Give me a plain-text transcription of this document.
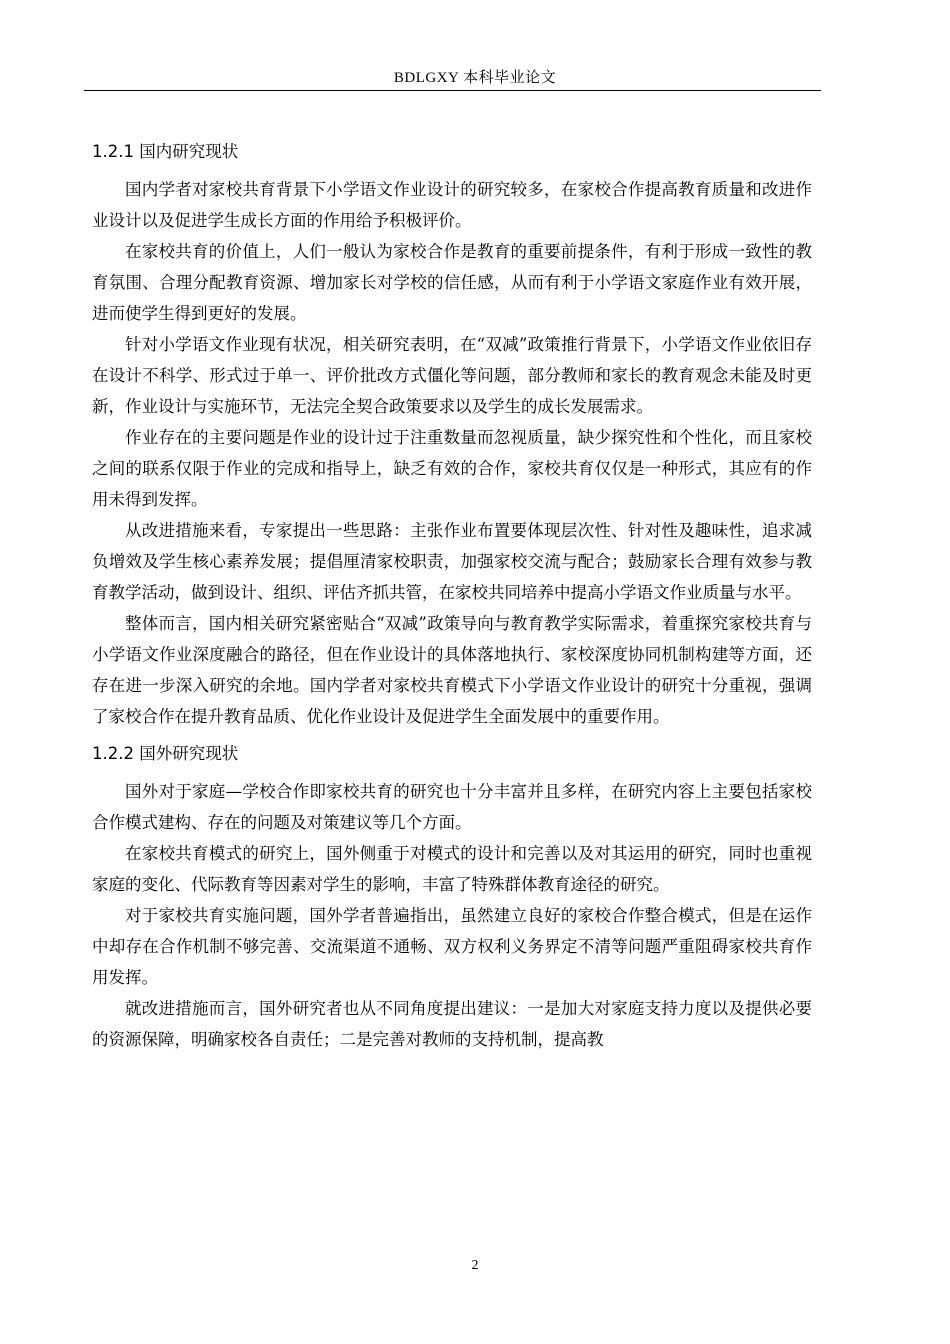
BDLGXY 本科毕业论文
1.2.1 国内研究现状

国内学者对家校共育背景下小学语文作业设计的研究较多，在家校合作提高教育质量和改进作业设计以及促进学生成长方面的作用给予积极评价。

在家校共育的价值上，人们一般认为家校合作是教育的重要前提条件，有利于形成一致性的教育氛围、合理分配教育资源、增加家长对学校的信任感，从而有利于小学语文家庭作业有效开展，进而使学生得到更好的发展。

针对小学语文作业现有状况，相关研究表明，在“双减”政策推行背景下，小学语文作业依旧存在设计不科学、形式过于单一、评价批改方式僵化等问题，部分教师和家长的教育观念未能及时更新，作业设计与实施环节，无法完全契合政策要求以及学生的成长发展需求。

作业存在的主要问题是作业的设计过于注重数量而忽视质量，缺少探究性和个性化，而且家校之间的联系仅限于作业的完成和指导上，缺乏有效的合作，家校共育仅仅是一种形式，其应有的作用未得到发挥。

从改进措施来看，专家提出一些思路：主张作业布置要体现层次性、针对性及趣味性，追求减负增效及学生核心素养发展；提倡厘清家校职责，加强家校交流与配合；鼓励家长合理有效参与教育教学活动，做到设计、组织、评估齐抓共管，在家校共同培养中提高小学语文作业质量与水平。

整体而言，国内相关研究紧密贴合“双减”政策导向与教育教学实际需求，着重探究家校共育与小学语文作业深度融合的路径，但在作业设计的具体落地执行、家校深度协同机制构建等方面，还存在进一步深入研究的余地。国内学者对家校共育模式下小学语文作业设计的研究十分重视，强调了家校合作在提升教育品质、优化作业设计及促进学生全面发展中的重要作用。

1.2.2 国外研究现状

国外对于家庭—学校合作即家校共育的研究也十分丰富并且多样，在研究内容上主要包括家校合作模式建构、存在的问题及对策建议等几个方面。

在家校共育模式的研究上，国外侧重于对模式的设计和完善以及对其运用的研究，同时也重视家庭的变化、代际教育等因素对学生的影响，丰富了特殊群体教育途径的研究。

对于家校共育实施问题，国外学者普遍指出，虽然建立良好的家校合作整合模式，但是在运作中却存在合作机制不够完善、交流渠道不通畅、双方权利义务界定不清等问题严重阻碍家校共育作用发挥。

就改进措施而言，国外研究者也从不同角度提出建议：一是加大对家庭支持力度以及提供必要的资源保障，明确家校各自责任；二是完善对教师的支持机制，提高教

2
